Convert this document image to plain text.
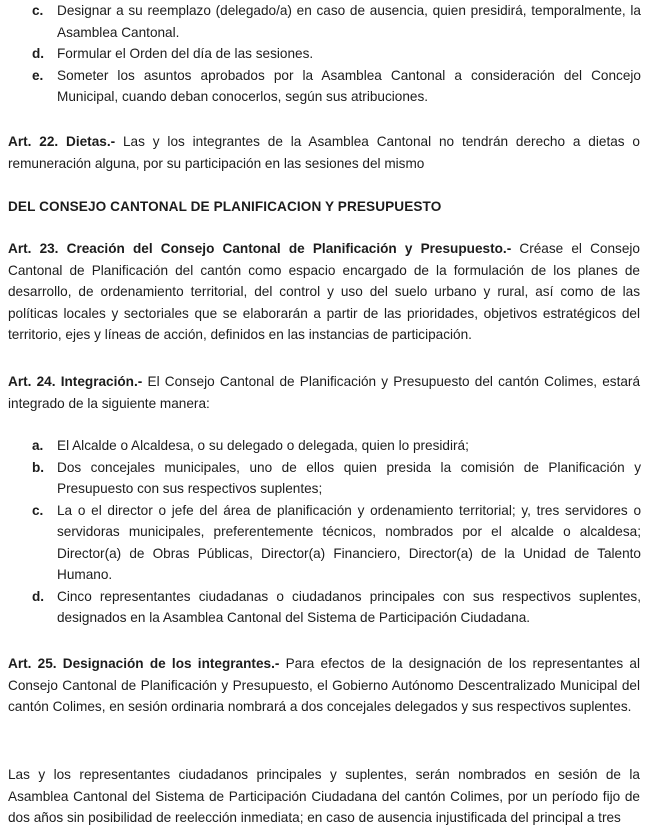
c. Designar a su reemplazo (delegado/a) en caso de ausencia, quien presidirá, temporalmente, la Asamblea Cantonal.
d. Formular el Orden del día de las sesiones.
e. Someter los asuntos aprobados por la Asamblea Cantonal a consideración del Concejo Municipal, cuando deban conocerlos, según sus atribuciones.

Art. 22. Dietas.- Las y los integrantes de la Asamblea Cantonal no tendrán derecho a dietas o remuneración alguna, por su participación en las sesiones del mismo

DEL CONSEJO CANTONAL DE PLANIFICACION Y PRESUPUESTO

Art. 23. Creación del Consejo Cantonal de Planificación y Presupuesto.- Créase el Consejo Cantonal de Planificación del cantón como espacio encargado de la formulación de los planes de desarrollo, de ordenamiento territorial, del control y uso del suelo urbano y rural, así como de las políticas locales y sectoriales que se elaborarán a partir de las prioridades, objetivos estratégicos del territorio, ejes y líneas de acción, definidos en las instancias de participación.

Art. 24. Integración.- El Consejo Cantonal de Planificación y Presupuesto del cantón Colimes, estará integrado de la siguiente manera:

a. El Alcalde o Alcaldesa, o su delegado o delegada, quien lo presidirá;
b. Dos concejales municipales, uno de ellos quien presida la comisión de Planificación y Presupuesto con sus respectivos suplentes;
c. La o el director o jefe del área de planificación y ordenamiento territorial; y, tres servidores o servidoras municipales, preferentemente técnicos, nombrados por el alcalde o alcaldesa; Director(a) de Obras Públicas, Director(a) Financiero, Director(a) de la Unidad de Talento Humano.
d. Cinco representantes ciudadanas o ciudadanos principales con sus respectivos suplentes, designados en la Asamblea Cantonal del Sistema de Participación Ciudadana.

Art. 25. Designación de los integrantes.- Para efectos de la designación de los representantes al Consejo Cantonal de Planificación y Presupuesto, el Gobierno Autónomo Descentralizado Municipal del cantón Colimes, en sesión ordinaria nombrará a dos concejales delegados y sus respectivos suplentes.

Las y los representantes ciudadanos principales y suplentes, serán nombrados en sesión de la Asamblea Cantonal del Sistema de Participación Ciudadana del cantón Colimes, por un período fijo de dos años sin posibilidad de reelección inmediata; en caso de ausencia injustificada del principal a tres
